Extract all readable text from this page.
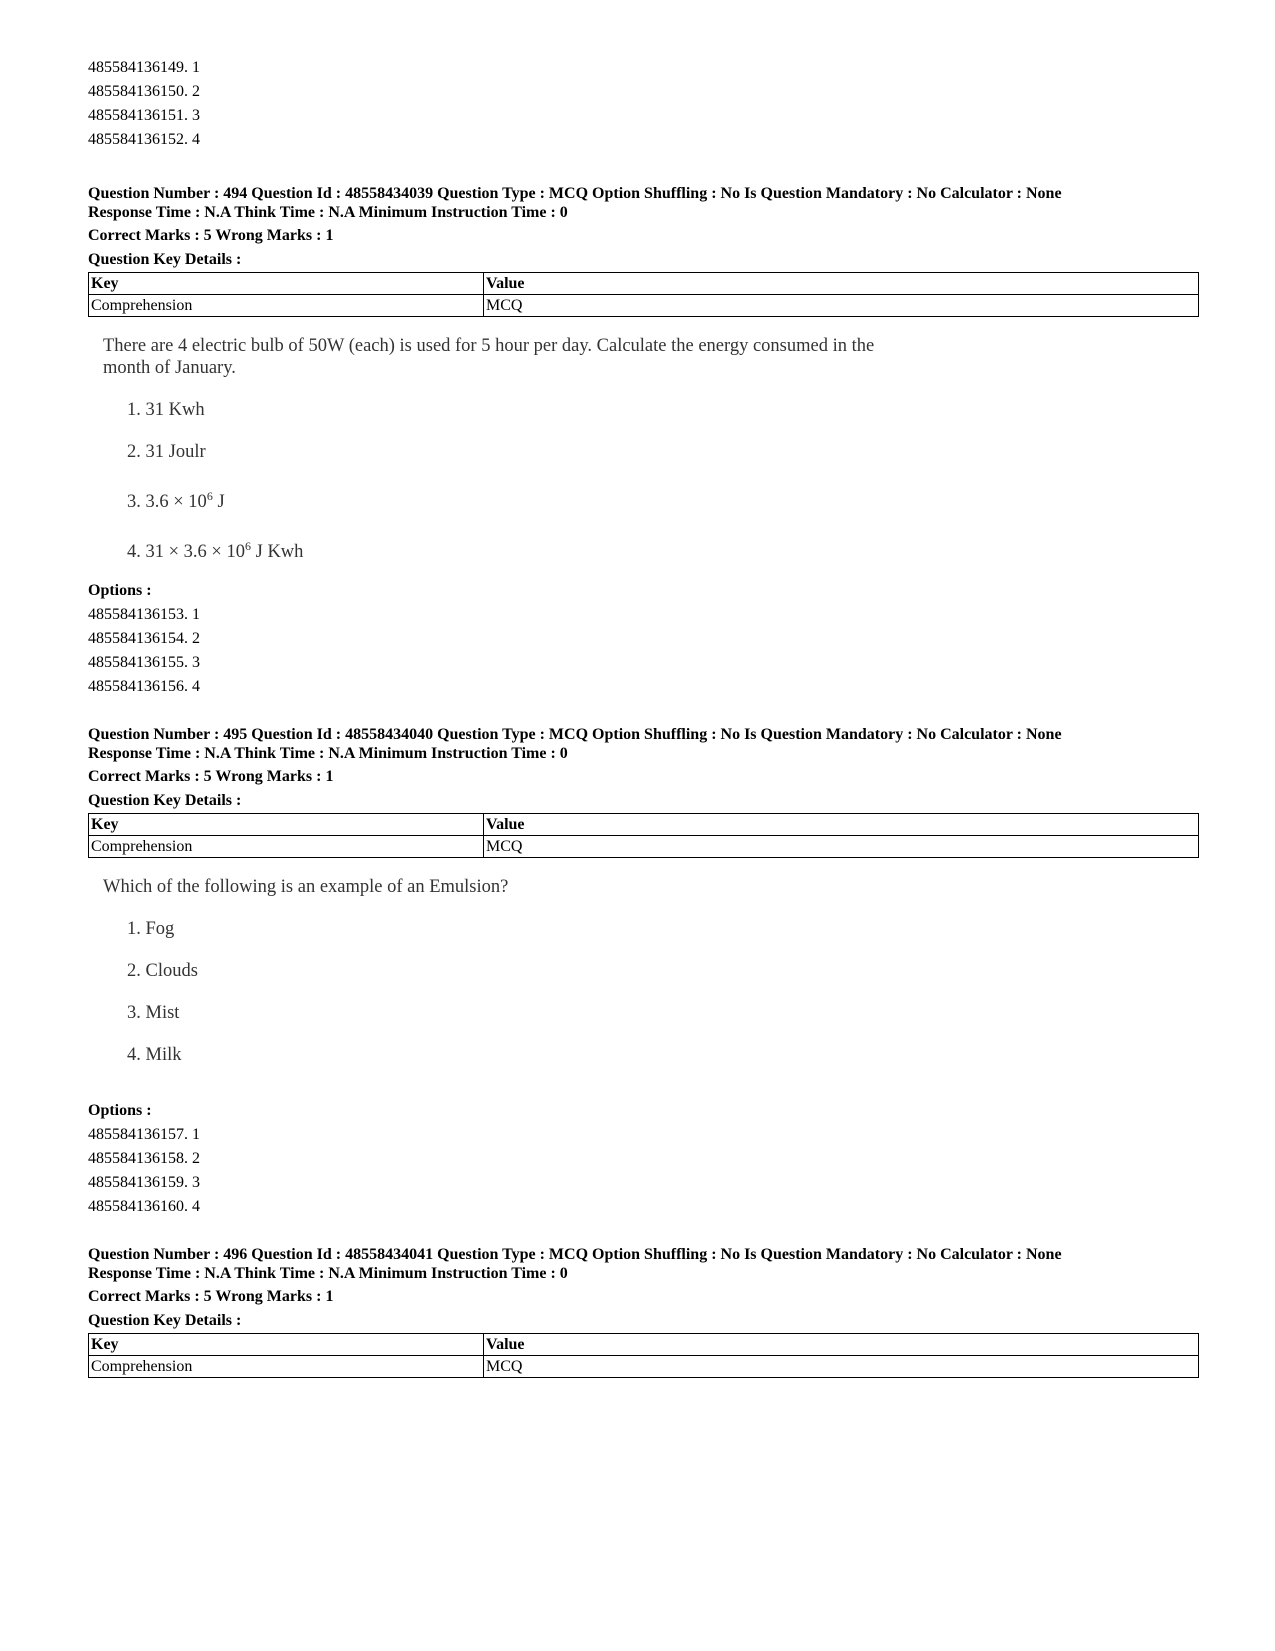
485584136149. 1
485584136150. 2
485584136151. 3
485584136152. 4
Question Number : 494 Question Id : 48558434039 Question Type : MCQ Option Shuffling : No Is Question Mandatory : No Calculator : None
Response Time : N.A Think Time : N.A Minimum Instruction Time : 0
Correct Marks : 5 Wrong Marks : 1
Question Key Details :
Key	Value
Comprehension	MCQ
There are 4 electric bulb of 50W (each) is used for 5 hour per day. Calculate the energy consumed in the month of January.
1. 31 Kwh
2. 31 Joulr
3. $3.6 \times 10^6$ J
4. $31 \times 3.6 \times 10^6$ J Kwh
Options :
485584136153. 1
485584136154. 2
485584136155. 3
485584136156. 4
Question Number : 495 Question Id : 48558434040 Question Type : MCQ Option Shuffling : No Is Question Mandatory : No Calculator : None
Response Time : N.A Think Time : N.A Minimum Instruction Time : 0
Correct Marks : 5 Wrong Marks : 1
Question Key Details :
Key	Value
Comprehension	MCQ
Which of the following is an example of an Emulsion?
1. Fog
2. Clouds
3. Mist
4. Milk
Options :
485584136157. 1
485584136158. 2
485584136159. 3
485584136160. 4
Question Number : 496 Question Id : 48558434041 Question Type : MCQ Option Shuffling : No Is Question Mandatory : No Calculator : None
Response Time : N.A Think Time : N.A Minimum Instruction Time : 0
Correct Marks : 5 Wrong Marks : 1
Question Key Details :
Key	Value
Comprehension	MCQ
